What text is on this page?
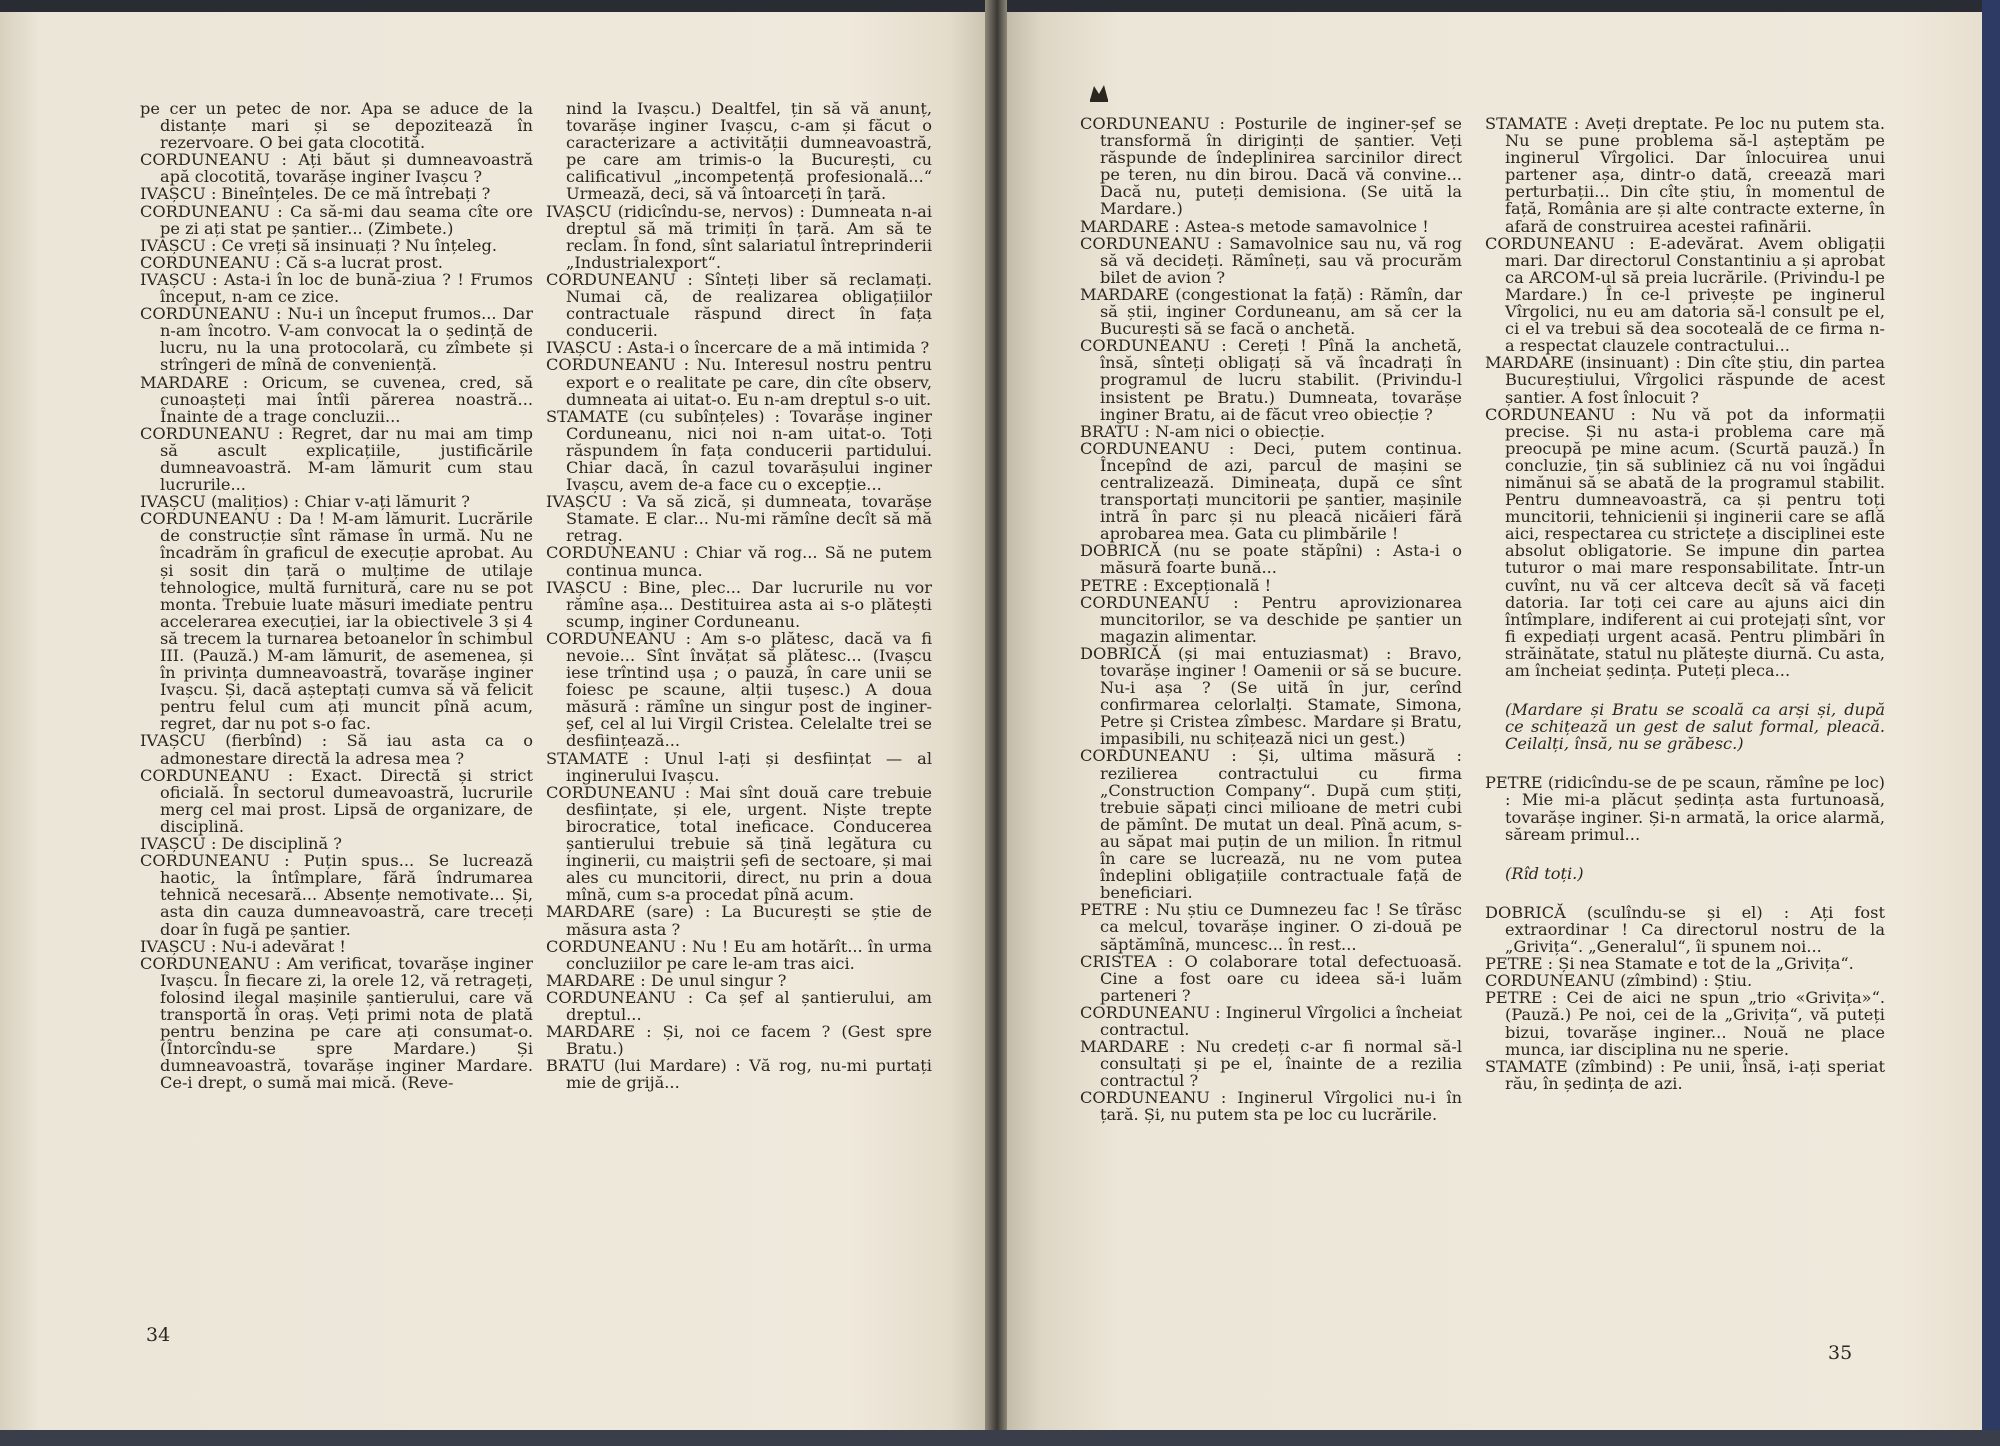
pe cer un petec de nor. Apa se aduce de la distanțe mari și se depozitează în rezervoare. O bei gata clocotită.

CORDUNEANU : Ați băut și dumneavoastră apă clocotită, tovarășe inginer Ivașcu ?

IVAȘCU : Bineînțeles. De ce mă întrebați ?

CORDUNEANU : Ca să-mi dau seama cîte ore pe zi ați stat pe șantier... (Zimbete.)

IVAȘCU : Ce vreți să insinuați ? Nu înțeleg.

CORDUNEANU : Că s-a lucrat prost.

IVAȘCU : Asta-i în loc de bună-ziua ? ! Frumos început, n-am ce zice.

CORDUNEANU : Nu-i un început frumos... Dar n-am încotro. V-am convocat la o ședință de lucru, nu la una protocolară, cu zîmbete și strîngeri de mînă de conveniență.

MARDARE : Oricum, se cuvenea, cred, să cunoașteți mai întîi părerea noastră... Înainte de a trage concluzii...

CORDUNEANU : Regret, dar nu mai am timp să ascult explicațiile, justificările dumneavoastră. M-am lămurit cum stau lucrurile...

IVAȘCU (malițios) : Chiar v-ați lămurit ?

CORDUNEANU : Da ! M-am lămurit. Lucrările de construcție sînt rămase în urmă. Nu ne încadrăm în graficul de execuție aprobat. Au și sosit din țară o mulțime de utilaje tehnologice, multă furnitură, care nu se pot monta. Trebuie luate măsuri imediate pentru accelerarea execuției, iar la obiectivele 3 și 4 să trecem la turnarea betoanelor în schimbul III. (Pauză.) M-am lămurit, de asemenea, și în privința dumneavoastră, tovarășe inginer Ivașcu. Și, dacă așteptați cumva să vă felicit pentru felul cum ați muncit pînă acum, regret, dar nu pot s-o fac.

IVAȘCU (fierbînd) : Să iau asta ca o admonestare directă la adresa mea ?

CORDUNEANU : Exact. Directă și strict oficială. În sectorul dumeavoastră, lucrurile merg cel mai prost. Lipsă de organizare, de disciplină.

IVAȘCU : De disciplină ?

CORDUNEANU : Puțin spus... Se lucrează haotic, la întîmplare, fără îndrumarea tehnică necesară... Absențe nemotivate... Și, asta din cauza dumneavoastră, care treceți doar în fugă pe șantier.

IVAȘCU : Nu-i adevărat !

CORDUNEANU : Am verificat, tovarășe inginer Ivașcu. În fiecare zi, la orele 12, vă retrageți, folosind ilegal mașinile șantierului, care vă transportă în oraș. Veți primi nota de plată pentru benzina pe care ați consumat-o. (Întorcîndu-se spre Mardare.) Și dumneavoastră, tovarășe inginer Mardare. Ce-i drept, o sumă mai mică. (Reve-

nind la Ivașcu.) Dealtfel, țin să vă anunț, tovarășe inginer Ivașcu, c-am și făcut o caracterizare a activității dumneavoastră, pe care am trimis-o la București, cu calificativul „incompetență profesională...“ Urmează, deci, să vă întoarceți în țară.

IVAȘCU (ridicîndu-se, nervos) : Dumneata n-ai dreptul să mă trimiți în țară. Am să te reclam. În fond, sînt salariatul întreprinderii „Industrialexport“.

CORDUNEANU : Sînteți liber să reclamați. Numai că, de realizarea obligațiilor contractuale răspund direct în fața conducerii.

IVAȘCU : Asta-i o încercare de a mă intimida ?

CORDUNEANU : Nu. Interesul nostru pentru export e o realitate pe care, din cîte observ, dumneata ai uitat-o. Eu n-am dreptul s-o uit.

STAMATE (cu subînțeles) : Tovarășe inginer Corduneanu, nici noi n-am uitat-o. Toți răspundem în fața conducerii partidului. Chiar dacă, în cazul tovarășului inginer Ivașcu, avem de-a face cu o excepție...

IVAȘCU : Va să zică, și dumneata, tovarășe Stamate. E clar... Nu-mi rămîne decît să mă retrag.

CORDUNEANU : Chiar vă rog... Să ne putem continua munca.

IVAȘCU : Bine, plec... Dar lucrurile nu vor rămîne așa... Destituirea asta ai s-o plătești scump, inginer Corduneanu.

CORDUNEANU : Am s-o plătesc, dacă va fi nevoie... Sînt învățat să plătesc... (Ivașcu iese trîntind ușa ; o pauză, în care unii se foiesc pe scaune, alții tușesc.) A doua măsură : rămîne un singur post de inginer-șef, cel al lui Virgil Cristea. Celelalte trei se desființează...

STAMATE : Unul l-ați și desființat — al inginerului Ivașcu.

CORDUNEANU : Mai sînt două care trebuie desființate, și ele, urgent. Niște trepte birocratice, total ineficace. Conducerea șantierului trebuie să țină legătura cu inginerii, cu maiștrii șefi de sectoare, și mai ales cu muncitorii, direct, nu prin a doua mînă, cum s-a procedat pînă acum.

MARDARE (sare) : La București se știe de măsura asta ?

CORDUNEANU : Nu ! Eu am hotărît... în urma concluziilor pe care le-am tras aici.

MARDARE : De unul singur ?

CORDUNEANU : Ca șef al șantierului, am dreptul...

MARDARE : Și, noi ce facem ? (Gest spre Bratu.)

BRATU (lui Mardare) : Vă rog, nu-mi purtați mie de grijă...

34

CORDUNEANU : Posturile de inginer-șef se transformă în diriginți de șantier. Veți răspunde de îndeplinirea sarcinilor direct pe teren, nu din birou. Dacă vă convine... Dacă nu, puteți demisiona. (Se uită la Mardare.)

MARDARE : Astea-s metode samavolnice !

CORDUNEANU : Samavolnice sau nu, vă rog să vă decideți. Rămîneți, sau vă procurăm bilet de avion ?

MARDARE (congestionat la față) : Rămîn, dar să știi, inginer Corduneanu, am să cer la București să se facă o anchetă.

CORDUNEANU : Cereți ! Pînă la anchetă, însă, sînteți obligați să vă încadrați în programul de lucru stabilit. (Privindu-l insistent pe Bratu.) Dumneata, tovarășe inginer Bratu, ai de făcut vreo obiecție ?

BRATU : N-am nici o obiecție.

CORDUNEANU : Deci, putem continua. Începînd de azi, parcul de mașini se centralizează. Dimineața, după ce sînt transportați muncitorii pe șantier, mașinile intră în parc și nu pleacă nicăieri fără aprobarea mea. Gata cu plimbările !

DOBRICĂ (nu se poate stăpîni) : Asta-i o măsură foarte bună...

PETRE : Excepțională !

CORDUNEANU : Pentru aprovizionarea muncitorilor, se va deschide pe șantier un magazin alimentar.

DOBRICĂ (și mai entuziasmat) : Bravo, tovarășe inginer ! Oamenii or să se bucure. Nu-i așa ? (Se uită în jur, cerînd confirmarea celorlalți. Stamate, Simona, Petre și Cristea zîmbesc. Mardare și Bratu, impasibili, nu schițează nici un gest.)

CORDUNEANU : Și, ultima măsură : rezilierea contractului cu firma „Construction Company“. După cum știți, trebuie săpați cinci milioane de metri cubi de pămînt. De mutat un deal. Pînă acum, s-au săpat mai puțin de un milion. În ritmul în care se lucrează, nu ne vom putea îndeplini obligațiile contractuale față de beneficiari.

PETRE : Nu știu ce Dumnezeu fac ! Se tîrăsc ca melcul, tovarășe inginer. O zi-două pe săptămînă, muncesc... în rest...

CRISTEA : O colaborare total defectuoasă. Cine a fost oare cu ideea să-i luăm parteneri ?

CORDUNEANU : Inginerul Vîrgolici a încheiat contractul.

MARDARE : Nu credeți c-ar fi normal să-l consultați și pe el, înainte de a rezilia contractul ?

CORDUNEANU : Inginerul Vîrgolici nu-i în țară. Și, nu putem sta pe loc cu lucrările.

STAMATE : Aveți dreptate. Pe loc nu putem sta. Nu se pune problema să-l așteptăm pe inginerul Vîrgolici. Dar înlocuirea unui partener așa, dintr-o dată, creează mari perturbații... Din cîte știu, în momentul de față, România are și alte contracte externe, în afară de construirea acestei rafinării.

CORDUNEANU : E-adevărat. Avem obligații mari. Dar directorul Constantiniu a și aprobat ca ARCOM-ul să preia lucrările. (Privindu-l pe Mardare.) În ce-l privește pe inginerul Vîrgolici, nu eu am datoria să-l consult pe el, ci el va trebui să dea socoteală de ce firma n-a respectat clauzele contractului...

MARDARE (insinuant) : Din cîte știu, din partea Bucureștiului, Vîrgolici răspunde de acest șantier. A fost înlocuit ?

CORDUNEANU : Nu vă pot da informații precise. Și nu asta-i problema care mă preocupă pe mine acum. (Scurtă pauză.) În concluzie, țin să subliniez că nu voi îngădui nimănui să se abată de la programul stabilit. Pentru dumneavoastră, ca și pentru toți muncitorii, tehnicienii și inginerii care se află aici, respectarea cu strictețe a disciplinei este absolut obligatorie. Se impune din partea tuturor o mai mare responsabilitate. Într-un cuvînt, nu vă cer altceva decît să vă faceți datoria. Iar toți cei care au ajuns aici din întîmplare, indiferent ai cui protejați sînt, vor fi expediați urgent acasă. Pentru plimbări în străinătate, statul nu plătește diurnă. Cu asta, am încheiat ședința. Puteți pleca...

(Mardare și Bratu se scoală ca arși și, după ce schițează un gest de salut formal, pleacă. Ceilalți, însă, nu se grăbesc.)

PETRE (ridicîndu-se de pe scaun, rămîne pe loc) : Mie mi-a plăcut ședința asta furtunoasă, tovarășe inginer. Și-n armată, la orice alarmă, săream primul...

(Rîd toți.)

DOBRICĂ (sculîndu-se și el) : Ați fost extraordinar ! Ca directorul nostru de la „Grivița“. „Generalul“, îi spunem noi...

PETRE : Și nea Stamate e tot de la „Grivița“.

CORDUNEANU (zîmbind) : Știu.

PETRE : Cei de aici ne spun „trio «Grivița»“. (Pauză.) Pe noi, cei de la „Grivița“, vă puteți bizui, tovarășe inginer... Nouă ne place munca, iar disciplina nu ne sperie.

STAMATE (zîmbind) : Pe unii, însă, i-ați speriat rău, în ședința de azi.

35
